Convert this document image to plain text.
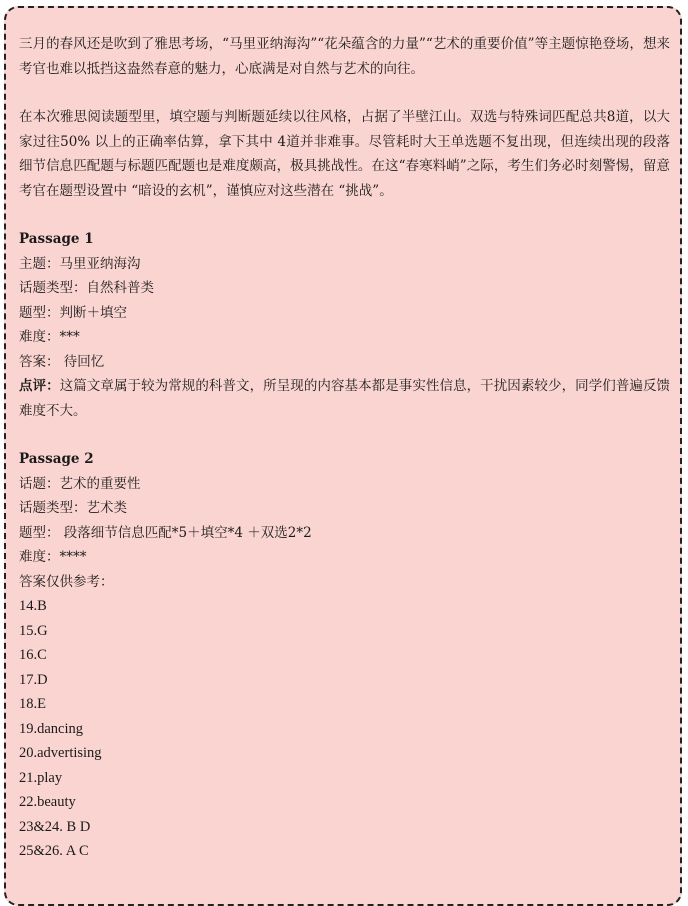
三月的春风还是吹到了雅思考场，“马里亚纳海沟”“花朵蕴含的力量”“艺术的重要价值”等主题惊艳登场，想来考官也难以抵挡这盎然春意的魅力，心底满是对自然与艺术的向往。

在本次雅思阅读题型里，填空题与判断题延续以往风格，占据了半壁江山。双选与特殊词匹配总共8道，以大家过往50% 以上的正确率估算，拿下其中 4道并非难事。尽管耗时大王单选题不复出现，但连续出现的段落细节信息匹配题与标题匹配题也是难度颇高，极具挑战性。在这“春寒料峭”之际，考生们务必时刻警惕，留意考官在题型设置中 “暗设的玄机”，谨慎应对这些潜在 “挑战”。

Passage 1

主题：马里亚纳海沟

话题类型：自然科普类

题型：判断＋填空

难度：***

答案： 待回忆

点评：这篇文章属于较为常规的科普文，所呈现的内容基本都是事实性信息，干扰因素较少，同学们普遍反馈难度不大。

Passage 2

话题：艺术的重要性

话题类型：艺术类

题型： 段落细节信息匹配*5＋填空*4 ＋双选2*2

难度：****

答案仅供参考：

14.B

15.G

16.C

17.D

18.E

19.dancing

20.advertising

21.play

22.beauty

23&24. B D

25&26. A C
